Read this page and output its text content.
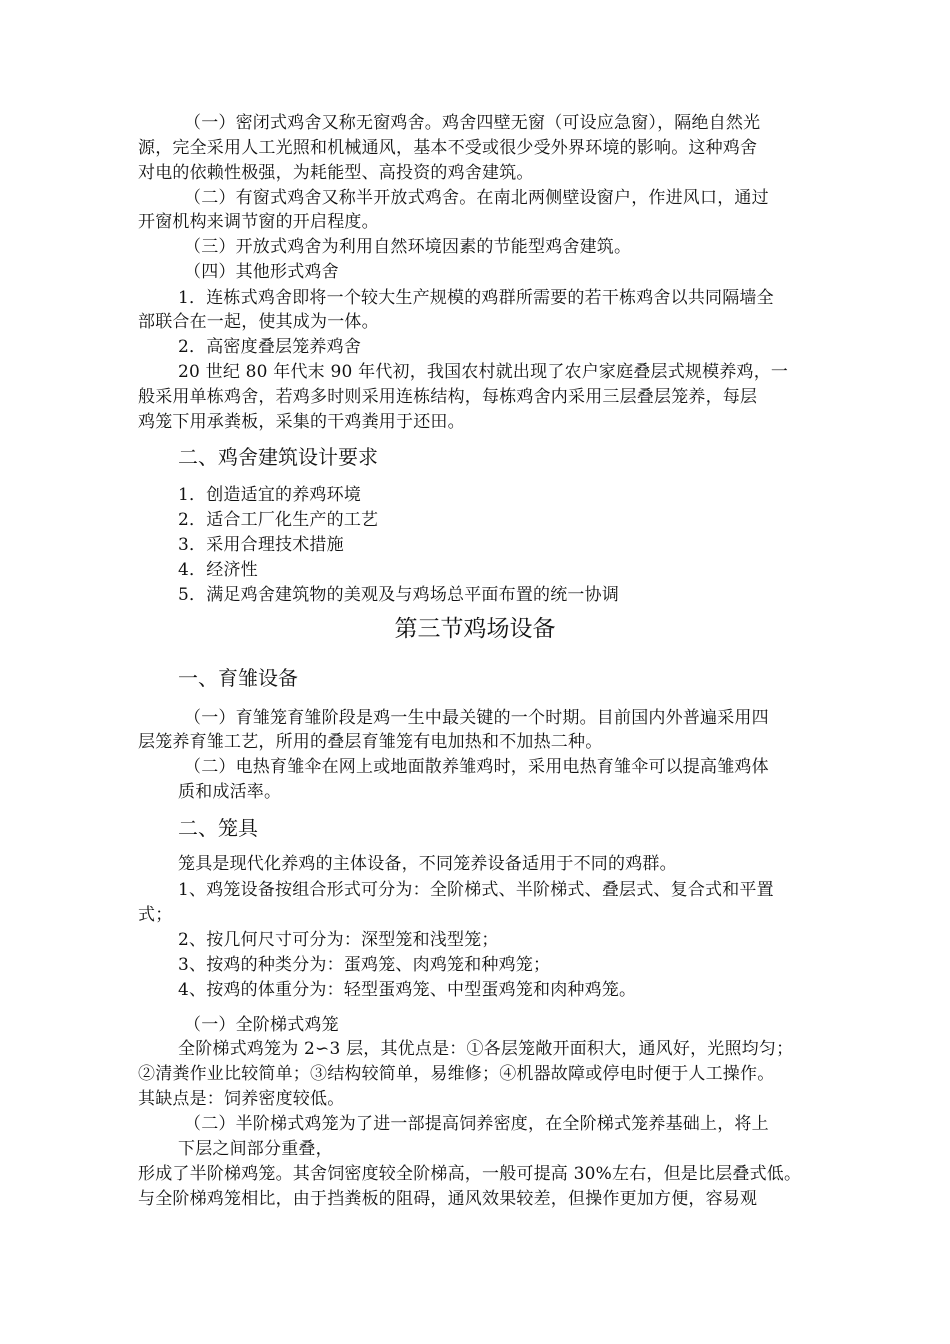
（一）密闭式鸡舍又称无窗鸡舍。鸡舍四壁无窗（可设应急窗），隔绝自然光
源，完全采用人工光照和机械通风，基本不受或很少受外界环境的影响。这种鸡舍
对电的依赖性极强，为耗能型、高投资的鸡舍建筑。
（二）有窗式鸡舍又称半开放式鸡舍。在南北两侧壁设窗户，作进风口，通过
开窗机构来调节窗的开启程度。
（三）开放式鸡舍为利用自然环境因素的节能型鸡舍建筑。
（四）其他形式鸡舍
1．连栋式鸡舍即将一个较大生产规模的鸡群所需要的若干栋鸡舍以共同隔墙全
部联合在一起，使其成为一体。
2．高密度叠层笼养鸡舍
20 世纪 80 年代末 90 年代初，我国农村就出现了农户家庭叠层式规模养鸡，一
般采用单栋鸡舍，若鸡多时则采用连栋结构，每栋鸡舍内采用三层叠层笼养，每层
鸡笼下用承粪板，采集的干鸡粪用于还田。
二、鸡舍建筑设计要求
1．创造适宜的养鸡环境
2．适合工厂化生产的工艺
3．采用合理技术措施
4．经济性
5．满足鸡舍建筑物的美观及与鸡场总平面布置的统一协调
第三节鸡场设备
一、育雏设备
（一）育雏笼育雏阶段是鸡一生中最关键的一个时期。目前国内外普遍采用四
层笼养育雏工艺，所用的叠层育雏笼有电加热和不加热二种。
（二）电热育雏伞在网上或地面散养雏鸡时，采用电热育雏伞可以提高雏鸡体
质和成活率。
二、笼具
笼具是现代化养鸡的主体设备，不同笼养设备适用于不同的鸡群。
1、鸡笼设备按组合形式可分为：全阶梯式、半阶梯式、叠层式、复合式和平置
式；
2、按几何尺寸可分为：深型笼和浅型笼；
3、按鸡的种类分为：蛋鸡笼、肉鸡笼和种鸡笼；
4、按鸡的体重分为：轻型蛋鸡笼、中型蛋鸡笼和肉种鸡笼。
（一）全阶梯式鸡笼
全阶梯式鸡笼为 2∽3 层，其优点是：①各层笼敞开面积大，通风好，光照均匀；
②清粪作业比较简单；③结构较简单，易维修；④机器故障或停电时便于人工操作。
其缺点是：饲养密度较低。
（二）半阶梯式鸡笼为了进一部提高饲养密度，在全阶梯式笼养基础上，将上
下层之间部分重叠，
形成了半阶梯鸡笼。其舍饲密度较全阶梯高，一般可提高 30%左右，但是比层叠式低。
与全阶梯鸡笼相比，由于挡粪板的阻碍，通风效果较差，但操作更加方便，容易观
